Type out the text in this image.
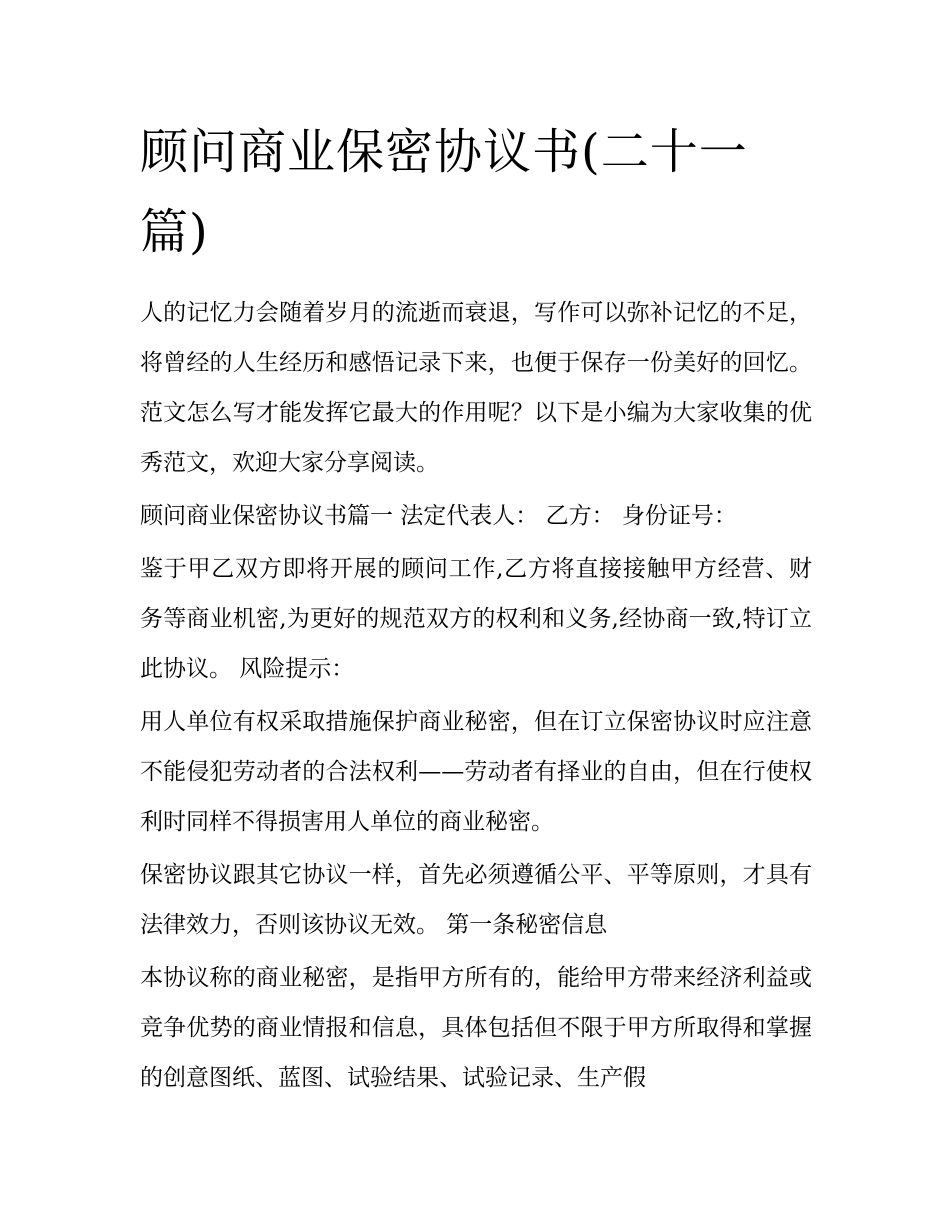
顾问商业保密协议书(二十一篇)

人的记忆力会随着岁月的流逝而衰退，写作可以弥补记忆的不足，将曾经的人生经历和感悟记录下来，也便于保存一份美好的回忆。范文怎么写才能发挥它最大的作用呢？以下是小编为大家收集的优秀范文，欢迎大家分享阅读。

顾问商业保密协议书篇一 法定代表人： 乙方： 身份证号：

鉴于甲乙双方即将开展的顾问工作,乙方将直接接触甲方经营、财务等商业机密,为更好的规范双方的权利和义务,经协商一致,特订立此协议。 风险提示：

用人单位有权采取措施保护商业秘密，但在订立保密协议时应注意不能侵犯劳动者的合法权利——劳动者有择业的自由，但在行使权利时同样不得损害用人单位的商业秘密。

保密协议跟其它协议一样，首先必须遵循公平、平等原则，才具有法律效力，否则该协议无效。 第一条秘密信息

本协议称的商业秘密，是指甲方所有的，能给甲方带来经济利益或竞争优势的商业情报和信息，具体包括但不限于甲方所取得和掌握的创意图纸、蓝图、试验结果、试验记录、生产假
